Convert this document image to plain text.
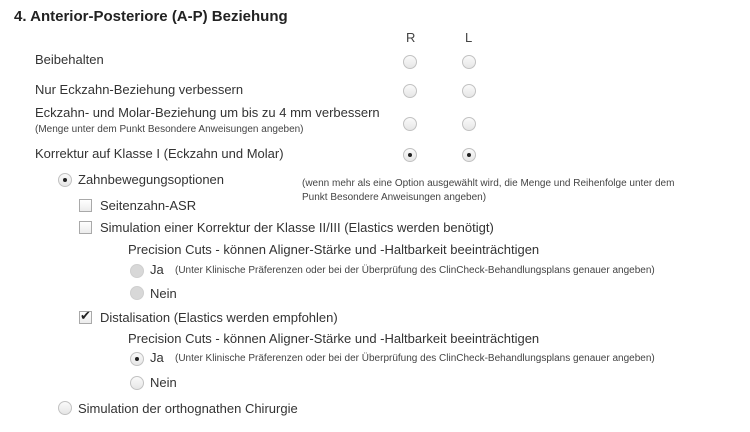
4. Anterior-Posteriore (A-P) Beziehung
R	L
Beibehalten
Nur Eckzahn-Beziehung verbessern
Eckzahn- und Molar-Beziehung um bis zu 4 mm verbessern
(Menge unter dem Punkt Besondere Anweisungen angeben)
Korrektur auf Klasse I (Eckzahn und Molar)
Zahnbewegungsoptionen	(wenn mehr als eine Option ausgewählt wird, die Menge und Reihenfolge unter dem
Punkt Besondere Anweisungen angeben)
Seitenzahn-ASR
Simulation einer Korrektur der Klasse II/III (Elastics werden benötigt)
Precision Cuts - können Aligner-Stärke und -Haltbarkeit beeinträchtigen
Ja (Unter Klinische Präferenzen oder bei der Überprüfung des ClinCheck-Behandlungsplans genauer angeben)
Nein
✔
Distalisation (Elastics werden empfohlen)
Precision Cuts - können Aligner-Stärke und -Haltbarkeit beeinträchtigen
Ja (Unter Klinische Präferenzen oder bei der Überprüfung des ClinCheck-Behandlungsplans genauer angeben)
Nein
Simulation der orthognathen Chirurgie
